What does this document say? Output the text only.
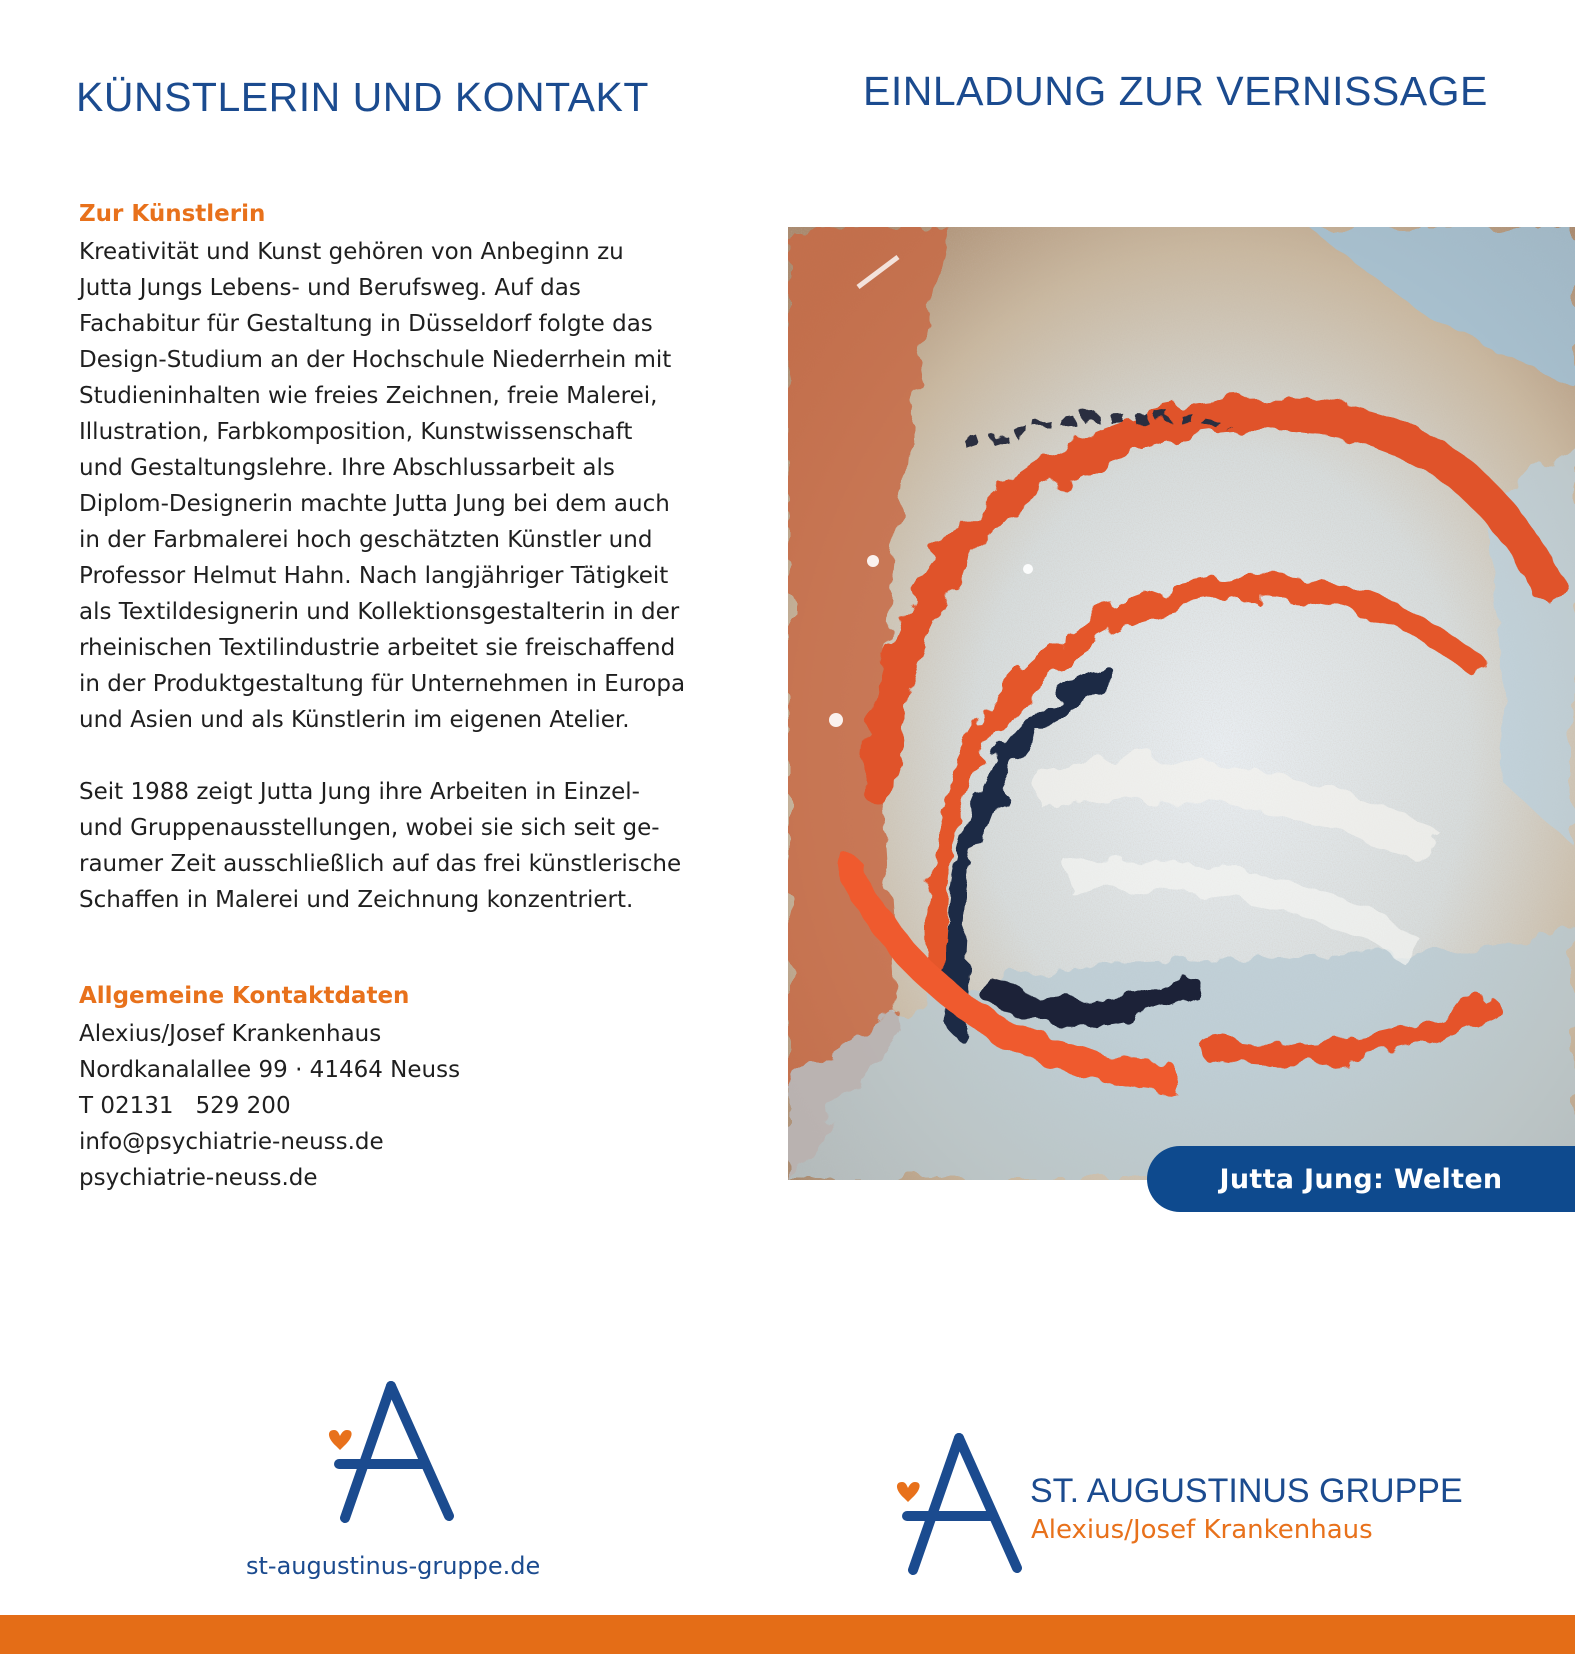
KÜNSTLERIN UND KONTAKT	EINLADUNG ZUR VERNISSAGE
Zur Künstlerin
Kreativität und Kunst gehören von Anbeginn zu
Jutta Jungs Lebens- und Berufsweg. Auf das
Fachabitur für Gestaltung in Düsseldorf folgte das
Design-Studium an der Hochschule Niederrhein mit
Studieninhalten wie freies Zeichnen, freie Malerei,
Illustration, Farbkomposition, Kunstwissenschaft
und Gestaltungslehre. Ihre Abschlussarbeit als
Diplom-Designerin machte Jutta Jung bei dem auch
in der Farbmalerei hoch geschätzten Künstler und
Professor Helmut Hahn. Nach langjähriger Tätigkeit
als Textildesignerin und Kollektionsgestalterin in der
rheinischen Textilindustrie arbeitet sie freischaffend
in der Produktgestaltung für Unternehmen in Europa
und Asien und als Künstlerin im eigenen Atelier.
Seit 1988 zeigt Jutta Jung ihre Arbeiten in Einzel-
und Gruppenausstellungen, wobei sie sich seit ge-
raumer Zeit ausschließlich auf das frei künstlerische
Schaffen in Malerei und Zeichnung konzentriert.
Allgemeine Kontaktdaten
Alexius/Josef Krankenhaus
Nordkanalallee 99 · 41464 Neuss
T 02131   529 200
info@psychiatrie-neuss.de
psychiatrie-neuss.de
st-augustinus-gruppe.de
Jutta Jung: Welten
ST. AUGUSTINUS GRUPPE
Alexius/Josef Krankenhaus
